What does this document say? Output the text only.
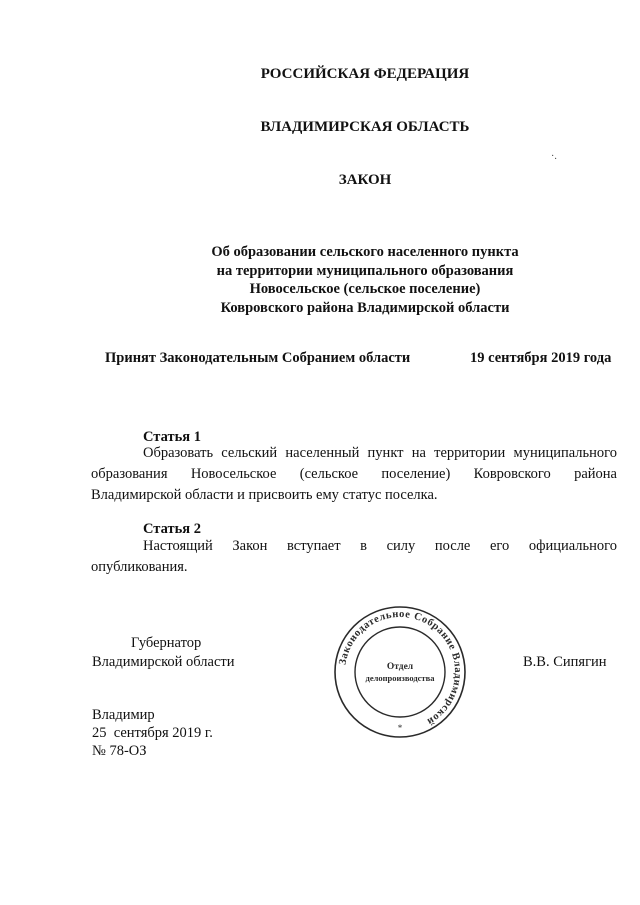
РОССИЙСКАЯ ФЕДЕРАЦИЯ
ВЛАДИМИРСКАЯ ОБЛАСТЬ
·.
ЗАКОН
Об образовании сельского населенного пункта
на территории муниципального образования
Новосельское (сельское поселение)
Ковровского района Владимирской области
Принят Законодательным Собранием области	19 сентября 2019 года
Статья 1
Образовать сельский населенный пункт на территории муниципального
образования Новосельское (сельское поселение) Ковровского района
Владимирской области и присвоить ему статус поселка.
Статья 2
Настоящий Закон вступает в силу после его официального
опубликования.
Губернатор
Владимирской области	В.В. Сипягин
Законодательное Собрание Владимирской
*
Отдел
делопроизводства
Владимир
25  сентября 2019 г.
№ 78-ОЗ
